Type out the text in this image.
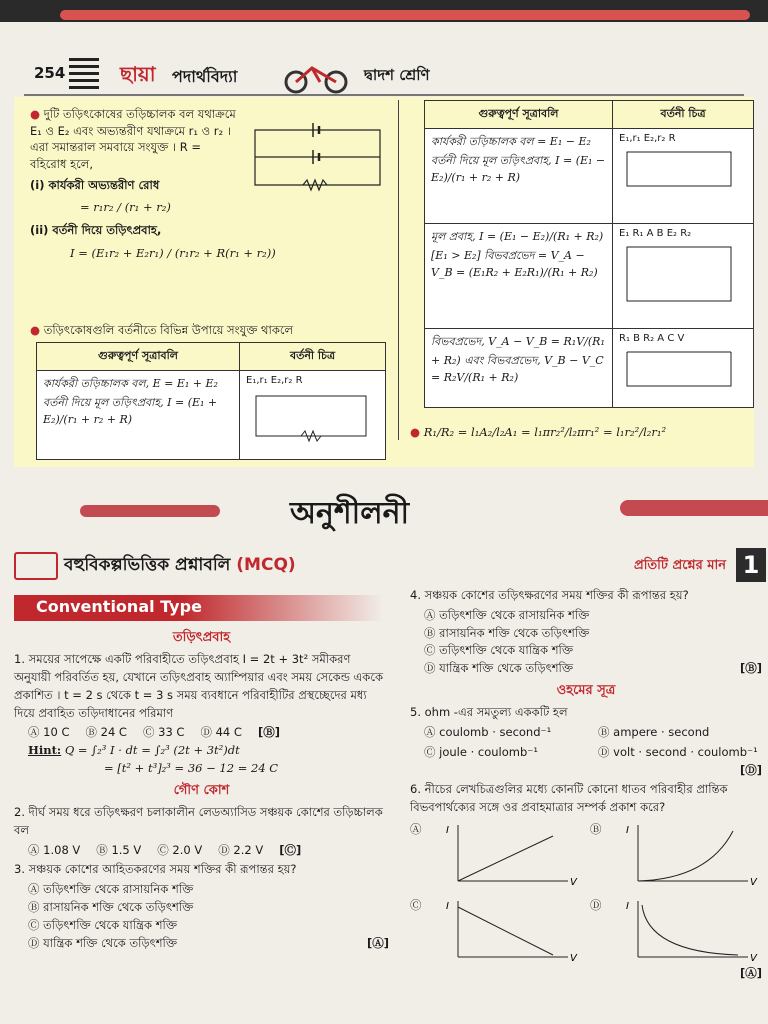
254	ছায়া পদার্থবিদ্যা	দ্বাদশ শ্রেণি
● দুটি তড়িৎকোষের তড়িচ্চালক বল যথাক্রমে E₁ ও E₂ এবং অভ্যন্তরীণ যথাক্রমে r₁ ও r₂ । এরা সমান্তরাল সমবায়ে সংযুক্ত । R = বহিরোধ হলে,
(i) কার্যকরী অভ্যন্তরীণ রোধ
= r₁r₂ / (r₁ + r₂)
(ii) বর্তনী দিয়ে তড়িৎপ্রবাহ,
I = (E₁r₂ + E₂r₁) / (r₁r₂ + R(r₁ + r₂))
● তড়িৎকোষগুলি বর্তনীতে বিভিন্ন উপায়ে সংযুক্ত থাকলে
গুরুত্বপূর্ণ সূত্রাবলি	বর্তনী চিত্র
কার্যকরী তড়িচ্চালক বল, E = E₁ + E₂ বর্তনী দিয়ে মূল তড়িৎপ্রবাহ, I = (E₁ + E₂)/(r₁ + r₂ + R)	E₁,r₁ E₂,r₂ R
গুরুত্বপূর্ণ সূত্রাবলি	বর্তনী চিত্র
কার্যকরী তড়িচ্চালক বল = E₁ − E₂ বর্তনী দিয়ে মূল তড়িৎপ্রবাহ, I = (E₁ − E₂)/(r₁ + r₂ + R)	E₁,r₁ E₂,r₂ R

মূল প্রবাহ, I = (E₁ − E₂)/(R₁ + R₂) [E₁ > E₂] বিভবপ্রভেদ = V_A − V_B = (E₁R₂ + E₂R₁)/(R₁ + R₂)	E₁ R₁ A B E₂ R₂

বিভবপ্রভেদ, V_A − V_B = R₁V/(R₁ + R₂) এবং বিভবপ্রভেদ, V_B − V_C = R₂V/(R₁ + R₂)	R₁ B R₂ A C V
● R₁/R₂ = l₁A₂/l₂A₁ = l₁πr₂²/l₂πr₁² = l₁r₂²/l₂r₁²
অনুশীলনী
বহুবিকল্পভিত্তিক প্রশ্নাবলি (MCQ)	প্রতিটি প্রশ্নের মান 1
Conventional Type
তড়িৎপ্রবাহ
1. সময়ের সাপেক্ষে একটি পরিবাহীতে তড়িৎপ্রবাহ I = 2t + 3t² সমীকরণ অনুযায়ী পরিবর্তিত হয়, যেখানে তড়িৎপ্রবাহ অ্যাম্পিয়ার এবং সময় সেকেন্ড এককে প্রকাশিত । t = 2 s থেকে t = 3 s সময় ব্যবধানে পরিবাহীটির প্রস্থচ্ছেদের মধ্য দিয়ে প্রবাহিত তড়িদাধানের পরিমাণ
Ⓐ 10 C Ⓑ 24 C Ⓒ 33 C Ⓓ 44 C [Ⓑ]
Hint: Q = ∫₂³ I · dt = ∫₂³ (2t + 3t²)dt
= [t² + t³]₂³ = 36 − 12 = 24 C
গৌণ কোশ
2. দীর্ঘ সময় ধরে তড়িৎক্ষরণ চলাকালীন লেডঅ্যাসিড সঞ্চয়ক কোশের তড়িচ্চালক বল
Ⓐ 1.08 V Ⓑ 1.5 V Ⓒ 2.0 V Ⓓ 2.2 V [Ⓒ]
3. সঞ্চয়ক কোশের আহিতকরণের সময় শক্তির কী রূপান্তর হয়?
Ⓐ তড়িৎশক্তি থেকে রাসায়নিক শক্তি
Ⓑ রাসায়নিক শক্তি থেকে তড়িৎশক্তি
Ⓒ তড়িৎশক্তি থেকে যান্ত্রিক শক্তি
Ⓓ যান্ত্রিক শক্তি থেকে তড়িৎশক্তি	[Ⓐ]
4. সঞ্চয়ক কোশের তড়িৎক্ষরণের সময় শক্তির কী রূপান্তর হয়?
Ⓐ তড়িৎশক্তি থেকে রাসায়নিক শক্তি
Ⓑ রাসায়নিক শক্তি থেকে তড়িৎশক্তি
Ⓒ তড়িৎশক্তি থেকে যান্ত্রিক শক্তি
Ⓓ যান্ত্রিক শক্তি থেকে তড়িৎশক্তি	[Ⓑ]
ওহমের সূত্র
5. ohm -এর সমতুল্য এককটি হল
Ⓐ coulomb · second⁻¹	Ⓑ ampere · second
Ⓒ joule · coulomb⁻¹	Ⓓ volt · second · coulomb⁻¹
[Ⓓ]
6. নীচের লেখচিত্রগুলির মধ্যে কোনটি কোনো ধাতব পরিবাহীর প্রান্তিক বিভবপার্থক্যের সঙ্গে ওর প্রবাহমাত্রার সম্পর্ক প্রকাশ করে?
Ⓐ I
V
Ⓑ I
V
Ⓒ I
V
Ⓓ I
V
[Ⓐ]
